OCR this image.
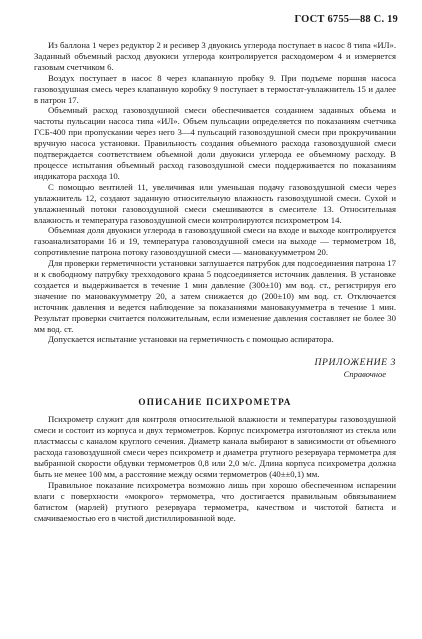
ГОСТ 6755—88 С. 19

Из баллона 1 через редуктор 2 и ресивер 3 двуокись углерода поступает в насос 8 типа «ИЛ». Заданный объемный расход двуокиси углерода контролируется расходомером 4 и измеряется газовым счетчиком 6.

Воздух поступает в насос 8 через клапанную пробку 9. При подъеме поршня насоса газовоздушная смесь через клапанную коробку 9 поступает в термостат-увлажнитель 15 и далее в патрон 17.

Объемный расход газовоздушной смеси обеспечивается созданием заданных объема и частоты пульсации насоса типа «ИЛ». Объем пульсации определяется по показаниям счетчика ГСБ-400 при пропускании через него 3—4 пульсаций газовоздушной смеси при прокручивании вручную насоса установки. Правильность создания объемного расхода газовоздушной смеси подтверждается соответствием объемной доли двуокиси углерода ее объемному расходу. В процессе испытания объемный расход газовоздушной смеси поддерживается по показаниям индикатора расхода 10.

С помощью вентилей 11, увеличивая или уменьшая подачу газовоздушной смеси через увлажнитель 12, создают заданную относительную влажность газовоздушной смеси. Сухой и увлажненный потоки газовоздушной смеси смешиваются в смесителе 13. Относительная влажность и температура газовоздушной смеси контролируются психрометром 14.

Объемная доля двуокиси углерода в газовоздушной смеси на входе и выходе контролируется газоанализаторами 16 и 19, температура газовоздушной смеси на выходе — термометром 18, сопротивление патрона потоку газовоздушной смеси — мановакуумметром 20.

Для проверки герметичности установки заглушается патрубок для подсоединения патрона 17 и к свободному патрубку трехходового крана 5 подсоединяется источник давления. В установке создается и выдерживается в течение 1 мин давление (300±10) мм вод. ст., регистрируя его значение по мановакуумметру 20, а затем снижается до (200±10) мм вод. ст. Отключается источник давления и ведется наблюдение за показаниями мановакуумметра в течение 1 мин. Результат проверки считается положительным, если изменение давления составляет не более 30 мм вод. ст.

Допускается испытание установки на герметичность с помощью аспиратора.

ПРИЛОЖЕНИЕ 3
Справочное
ОПИСАНИЕ ПСИХРОМЕТРА

Психрометр служит для контроля относительной влажности и температуры газовоздушной смеси и состоит из корпуса и двух термометров. Корпус психрометра изготовляют из стекла или пластмассы с каналом круглого сечения. Диаметр канала выбирают в зависимости от объемного расхода газовоздушной смеси через психрометр и диаметра ртутного резервуара термометра для выбранной скорости обдувки термометров 0,8 или 2,0 м/с. Длина корпуса психрометра должна быть не менее 100 мм, а расстояние между осями термометров (40±±0,1) мм.

Правильное показание психрометра возможно лишь при хорошо обеспеченном испарении влаги с поверхности «мокрого» термометра, что достигается правильным обвязыванием батистом (марлей) ртутного резервуара термометра, качеством и чистотой батиста и смачиваемостью его в чистой дистиллированной воде.
